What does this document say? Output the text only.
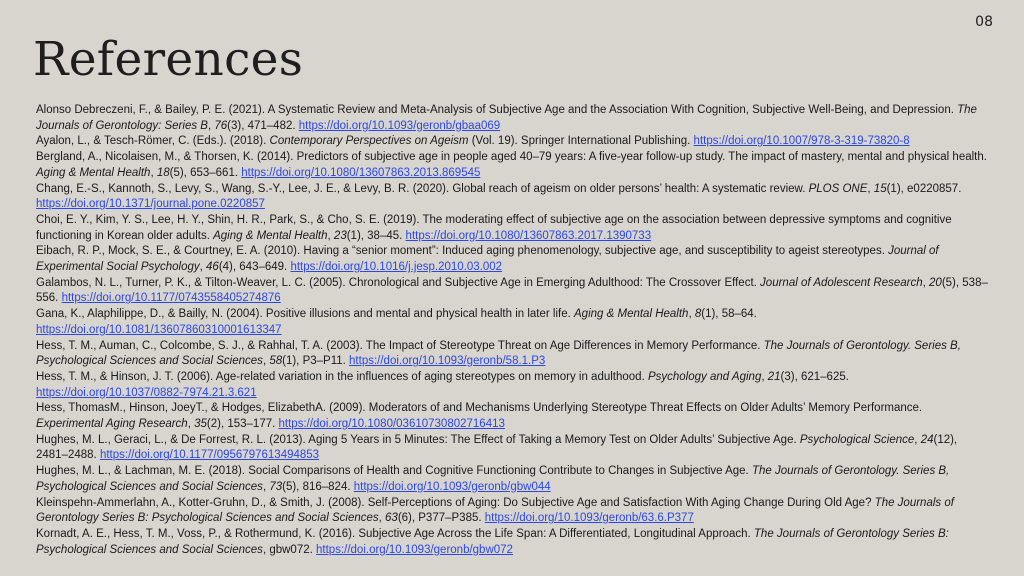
08
References

Alonso Debreczeni, F., & Bailey, P. E. (2021). A Systematic Review and Meta-Analysis of Subjective Age and the Association With Cognition, Subjective Well-Being, and Depression. The Journals of Gerontology: Series B, 76(3), 471–482. https://doi.org/10.1093/geronb/gbaa069

Ayalon, L., & Tesch-Römer, C. (Eds.). (2018). Contemporary Perspectives on Ageism (Vol. 19). Springer International Publishing. https://doi.org/10.1007/978-3-319-73820-8

Bergland, A., Nicolaisen, M., & Thorsen, K. (2014). Predictors of subjective age in people aged 40–79 years: A five-year follow-up study. The impact of mastery, mental and physical health. Aging & Mental Health, 18(5), 653–661. https://doi.org/10.1080/13607863.2013.869545

Chang, E.-S., Kannoth, S., Levy, S., Wang, S.-Y., Lee, J. E., & Levy, B. R. (2020). Global reach of ageism on older persons’ health: A systematic review. PLOS ONE, 15(1), e0220857. https://doi.org/10.1371/journal.pone.0220857

Choi, E. Y., Kim, Y. S., Lee, H. Y., Shin, H. R., Park, S., & Cho, S. E. (2019). The moderating effect of subjective age on the association between depressive symptoms and cognitive functioning in Korean older adults. Aging & Mental Health, 23(1), 38–45. https://doi.org/10.1080/13607863.2017.1390733

Eibach, R. P., Mock, S. E., & Courtney, E. A. (2010). Having a “senior moment”: Induced aging phenomenology, subjective age, and susceptibility to ageist stereotypes. Journal of Experimental Social Psychology, 46(4), 643–649. https://doi.org/10.1016/j.jesp.2010.03.002

Galambos, N. L., Turner, P. K., & Tilton-Weaver, L. C. (2005). Chronological and Subjective Age in Emerging Adulthood: The Crossover Effect. Journal of Adolescent Research, 20(5), 538–556. https://doi.org/10.1177/0743558405274876

Gana, K., Alaphilippe, D., & Bailly, N. (2004). Positive illusions and mental and physical health in later life. Aging & Mental Health, 8(1), 58–64. https://doi.org/10.1081/13607860310001613347

Hess, T. M., Auman, C., Colcombe, S. J., & Rahhal, T. A. (2003). The Impact of Stereotype Threat on Age Differences in Memory Performance. The Journals of Gerontology. Series B, Psychological Sciences and Social Sciences, 58(1), P3–P11. https://doi.org/10.1093/geronb/58.1.P3

Hess, T. M., & Hinson, J. T. (2006). Age-related variation in the influences of aging stereotypes on memory in adulthood. Psychology and Aging, 21(3), 621–625. https://doi.org/10.1037/0882-7974.21.3.621

Hess, ThomasM., Hinson, JoeyT., & Hodges, ElizabethA. (2009). Moderators of and Mechanisms Underlying Stereotype Threat Effects on Older Adults’ Memory Performance. Experimental Aging Research, 35(2), 153–177. https://doi.org/10.1080/03610730802716413

Hughes, M. L., Geraci, L., & De Forrest, R. L. (2013). Aging 5 Years in 5 Minutes: The Effect of Taking a Memory Test on Older Adults’ Subjective Age. Psychological Science, 24(12), 2481–2488. https://doi.org/10.1177/0956797613494853

Hughes, M. L., & Lachman, M. E. (2018). Social Comparisons of Health and Cognitive Functioning Contribute to Changes in Subjective Age. The Journals of Gerontology. Series B, Psychological Sciences and Social Sciences, 73(5), 816–824. https://doi.org/10.1093/geronb/gbw044

Kleinspehn-Ammerlahn, A., Kotter-Gruhn, D., & Smith, J. (2008). Self-Perceptions of Aging: Do Subjective Age and Satisfaction With Aging Change During Old Age? The Journals of Gerontology Series B: Psychological Sciences and Social Sciences, 63(6), P377–P385. https://doi.org/10.1093/geronb/63.6.P377

Kornadt, A. E., Hess, T. M., Voss, P., & Rothermund, K. (2016). Subjective Age Across the Life Span: A Differentiated, Longitudinal Approach. The Journals of Gerontology Series B: Psychological Sciences and Social Sciences, gbw072. https://doi.org/10.1093/geronb/gbw072
